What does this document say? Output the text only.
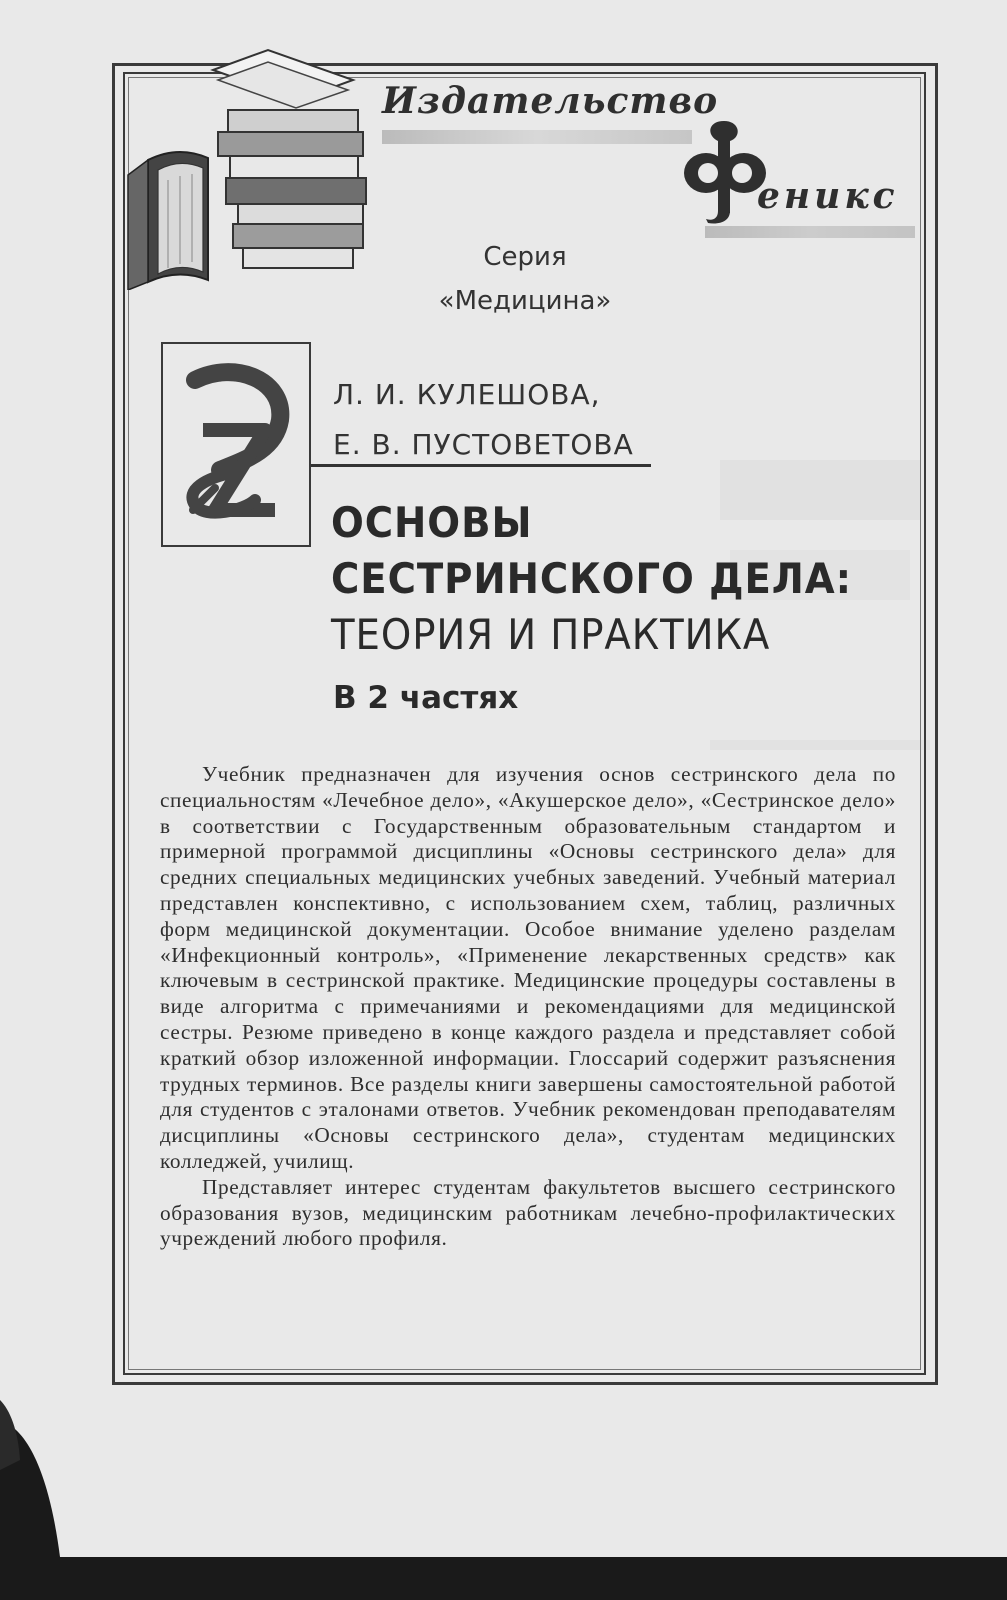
Издательство
еникс
Серия
«Медицина»
Л. И. КУЛЕШОВА,
Е. В. ПУСТОВЕТОВА
ОСНОВЫ
СЕСТРИНСКОГО ДЕЛА:
ТЕОРИЯ И ПРАКТИКА
В 2 частях

Учебник предназначен для изучения основ сестринского дела по специальностям «Лечебное дело», «Акушерское дело», «Сестринское дело» в соответствии с Государственным образовательным стандартом и примерной программой дисциплины «Основы сестринского дела» для средних специальных медицинских учебных заведений. Учебный материал представлен конспективно, с использованием схем, таблиц, различных форм медицинской документации. Особое внимание уделено разделам «Инфекционный контроль», «Применение лекарственных средств» как ключевым в сестринской практике. Медицинские процедуры составлены в виде алгоритма с примечаниями и рекомендациями для медицинской сестры. Резюме приведено в конце каждого раздела и представляет собой краткий обзор изложенной информации. Глоссарий содержит разъяснения трудных терминов. Все разделы книги завершены самостоятельной работой для студентов с эталонами ответов. Учебник рекомендован преподавателям дисциплины «Основы сестринского дела», студентам медицинских колледжей, училищ.

Представляет интерес студентам факультетов высшего сестринского образования вузов, медицинским работникам лечебно-профилактических учреждений любого профиля.
